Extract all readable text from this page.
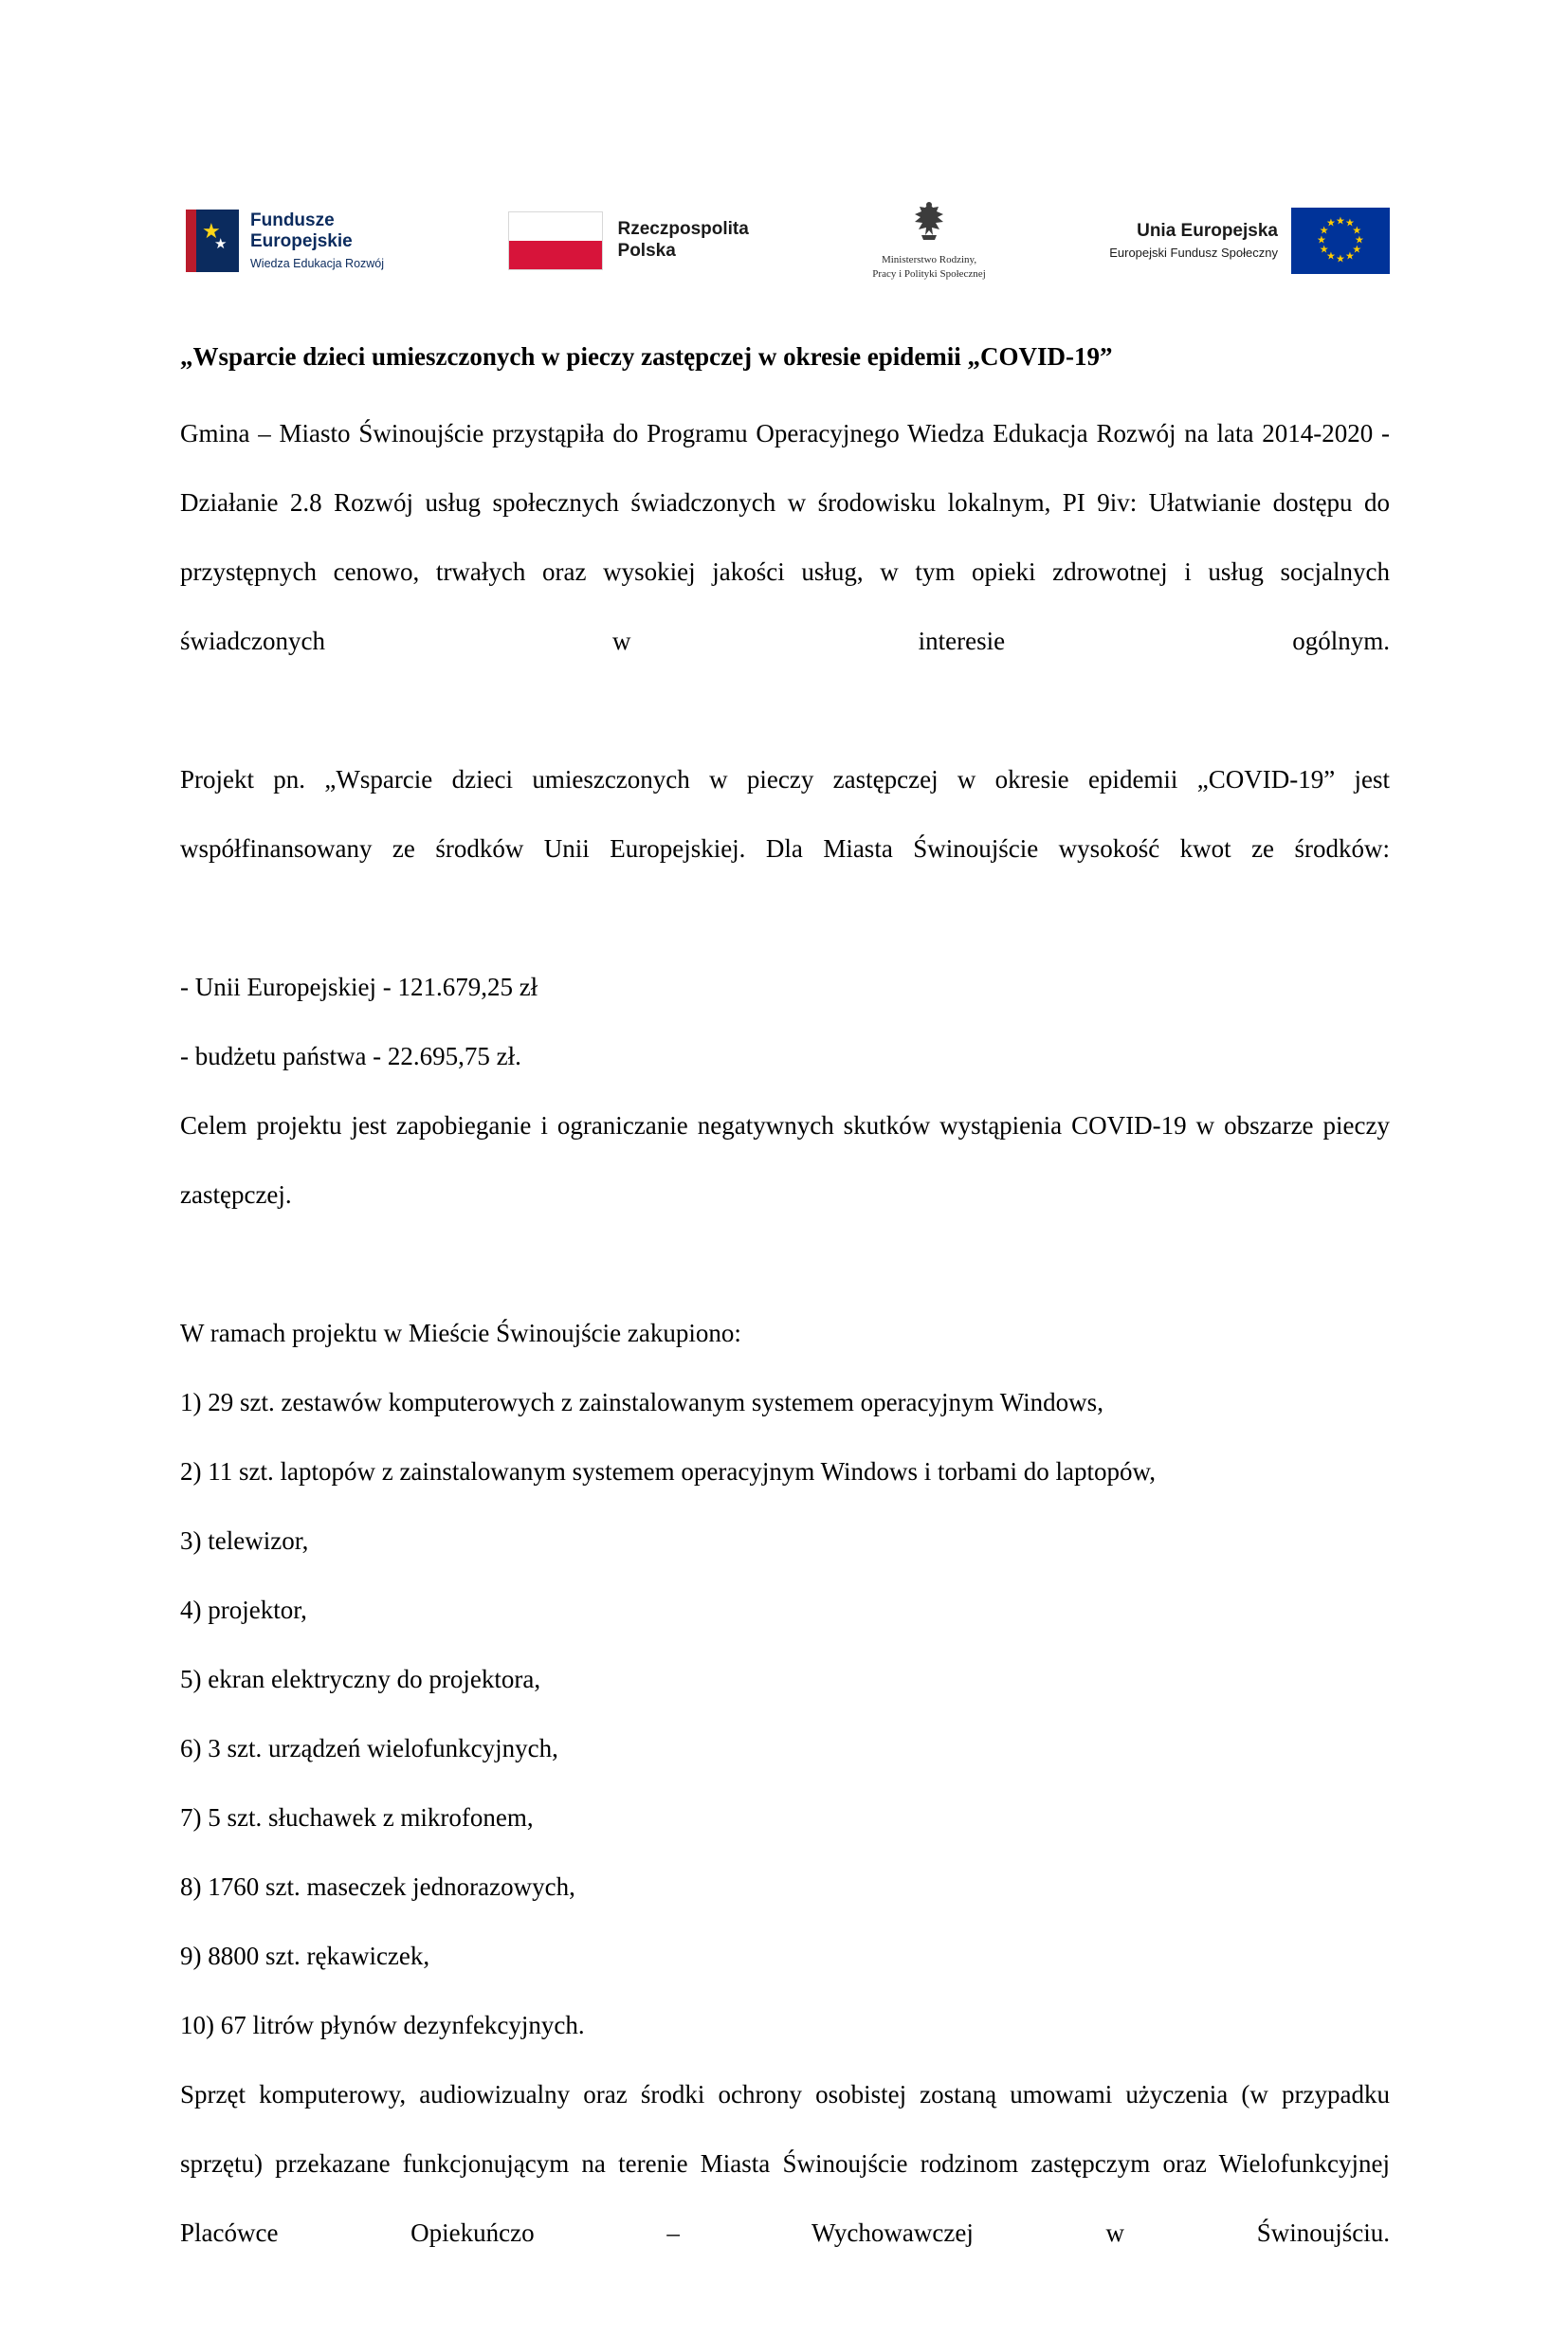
★
★
Fundusze
Europejskie
Wiedza Edukacja Rozwój
Rzeczpospolita
Polska	Ministerstwo Rodziny,
Pracy i Polityki Społecznej
Unia Europejska
Europejski Fundusz Społeczny
★ ★
★
★
★
★
★
★
★
★
★
★

„Wsparcie dzieci umieszczonych w pieczy zastępczej w okresie epidemii „COVID-19”

Gmina – Miasto Świnoujście przystąpiła do Programu Operacyjnego Wiedza Edukacja Rozwój na lata 2014-2020 - Działanie 2.8 Rozwój usług społecznych świadczonych w środowisku lokalnym, PI 9iv: Ułatwianie dostępu do przystępnych cenowo, trwałych oraz wysokiej jakości usług, w tym opieki zdrowotnej i usług socjalnych świadczonych w interesie ogólnym.

Projekt pn. „Wsparcie dzieci umieszczonych w pieczy zastępczej w okresie epidemii „COVID-19” jest współfinansowany ze środków Unii Europejskiej. Dla Miasta Świnoujście wysokość kwot ze środków:

- Unii Europejskiej - 121.679,25 zł

- budżetu państwa - 22.695,75 zł.

Celem projektu jest zapobieganie i ograniczanie negatywnych skutków wystąpienia COVID-19 w obszarze pieczy zastępczej.

W ramach projektu w Mieście Świnoujście zakupiono:

1) 29 szt. zestawów komputerowych z zainstalowanym systemem operacyjnym Windows,

2) 11 szt. laptopów z zainstalowanym systemem operacyjnym Windows i torbami do laptopów,

3) telewizor,

4) projektor,

5) ekran elektryczny do projektora,

6) 3 szt. urządzeń wielofunkcyjnych,

7) 5 szt. słuchawek z mikrofonem,

8) 1760 szt. maseczek jednorazowych,

9) 8800 szt. rękawiczek,

10) 67 litrów płynów dezynfekcyjnych.

Sprzęt komputerowy, audiowizualny oraz środki ochrony osobistej zostaną umowami użyczenia (w przypadku sprzętu) przekazane funkcjonującym na terenie Miasta Świnoujście rodzinom zastępczym oraz Wielofunkcyjnej Placówce Opiekuńczo – Wychowawczej w Świnoujściu.
